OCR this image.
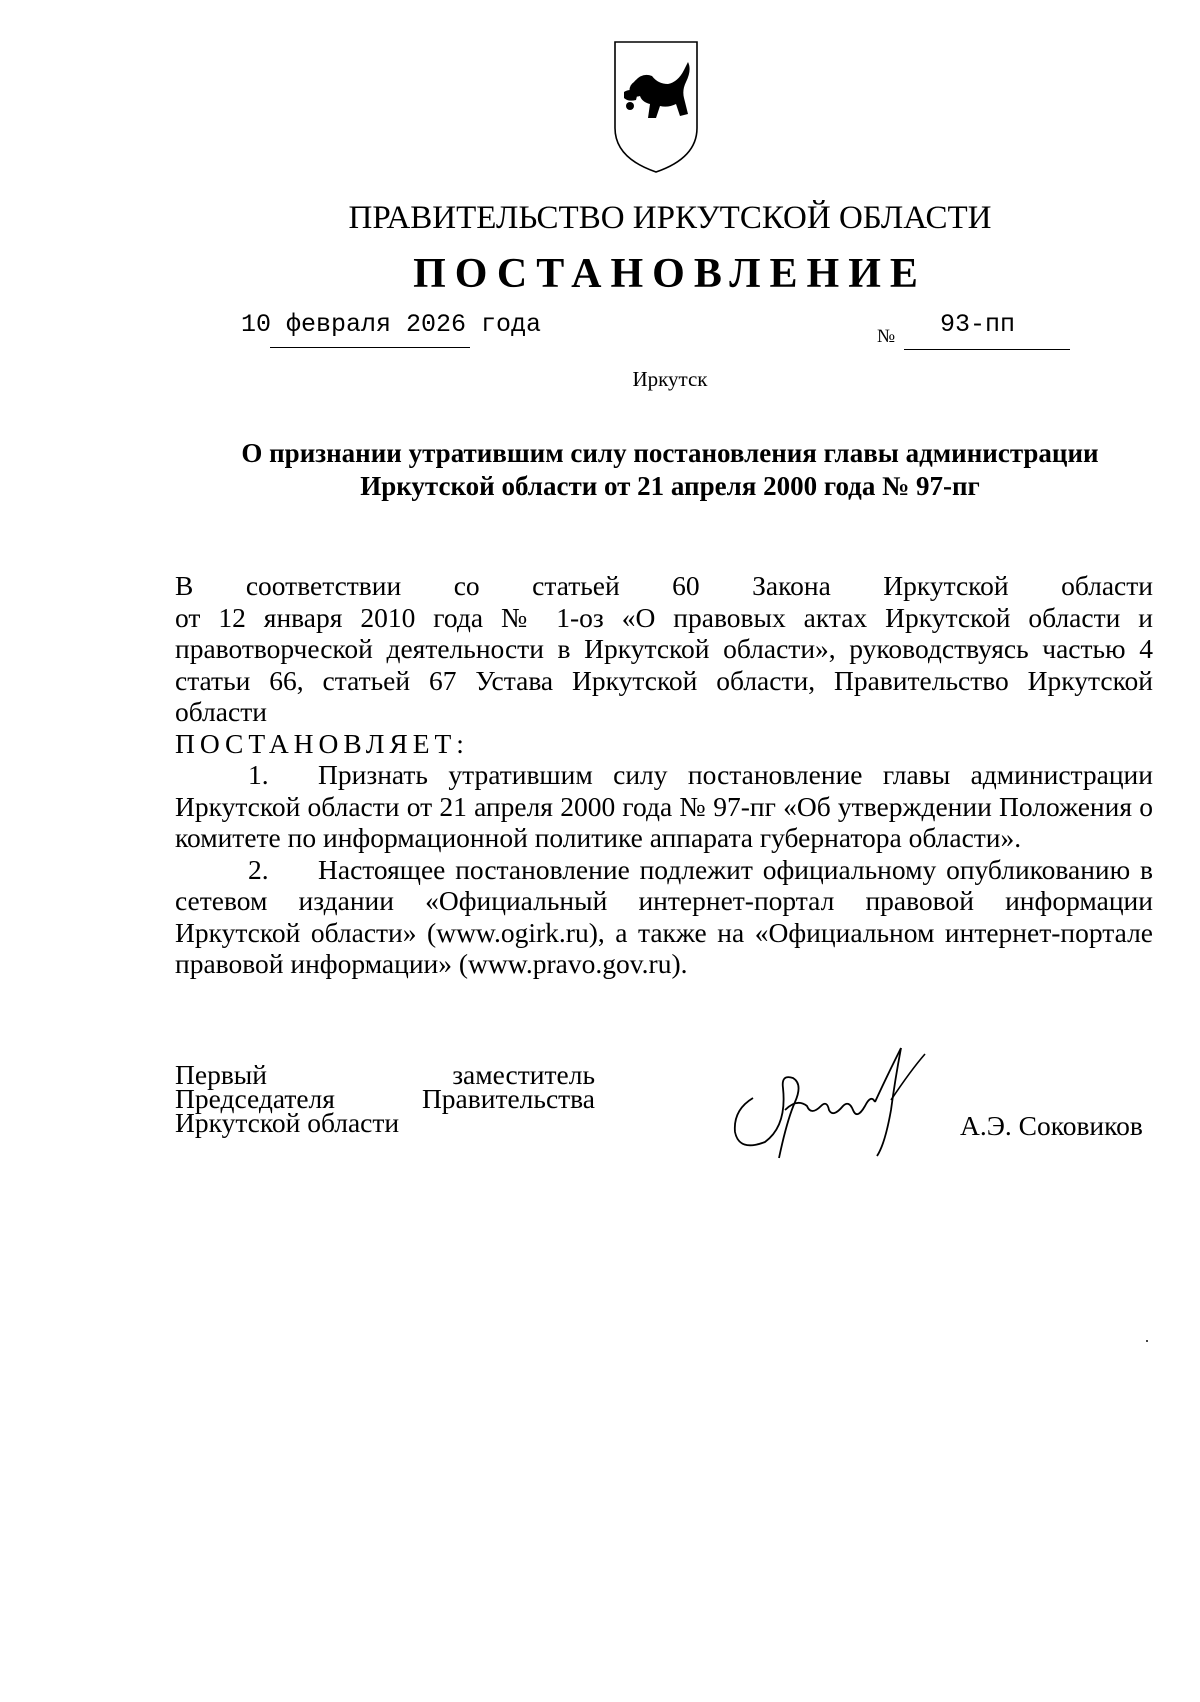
ПРАВИТЕЛЬСТВО ИРКУТСКОЙ ОБЛАСТИ
ПОСТАНОВЛЕНИЕ
10 февраля 2026 года	№ 93-пп
Иркутск
О признании утратившим силу постановления главы администрации
Иркутской области от 21 апреля 2000 года № 97-пг

В соответствии со статьей 60 Закона Иркутской области
от 12 января 2010 года № 1-оз «О правовых актах Иркутской области и правотворческой деятельности в Иркутской области», руководствуясь частью 4 статьи 66, статьей 67 Устава Иркутской области, Правительство Иркутской области

ПОСТАНОВЛЯЕТ:

1. Признать утратившим силу постановление главы администрации Иркутской области от 21 апреля 2000 года № 97-пг «Об утверждении Положения о комитете по информационной политике аппарата губернатора области».

2. Настоящее постановление подлежит официальному опубликованию в сетевом издании «Официальный интернет-портал правовой информации Иркутской области» (www.ogirk.ru), а также на «Официальном интернет-портале правовой информации» (www.pravo.gov.ru).

Первый заместитель
Председателя Правительства
Иркутской области	А.Э. Соковиков
